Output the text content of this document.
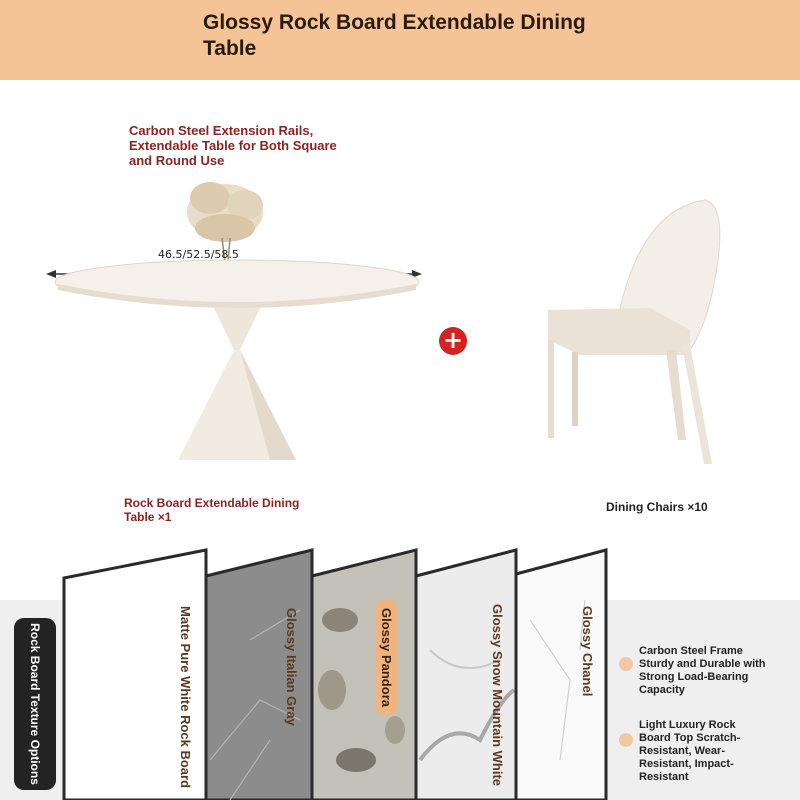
Glossy Rock Board Extendable Dining Table
Carbon Steel Extension Rails, Extendable Table for Both Square and Round Use
46.5/52.5/58.5
Rock Board Extendable Dining Table ×1
+
Dining Chairs ×10
Rock Board Texture Options	Matte Pure White Rock Board	Glossy Italian Gray	Glossy Pandora	Glossy Snow Mountain White	Glossy Chanel	Carbon Steel Frame Sturdy and Durable with Strong Load-Bearing Capacity
Light Luxury Rock Board Top Scratch-Resistant, Wear-Resistant, Impact-Resistant
